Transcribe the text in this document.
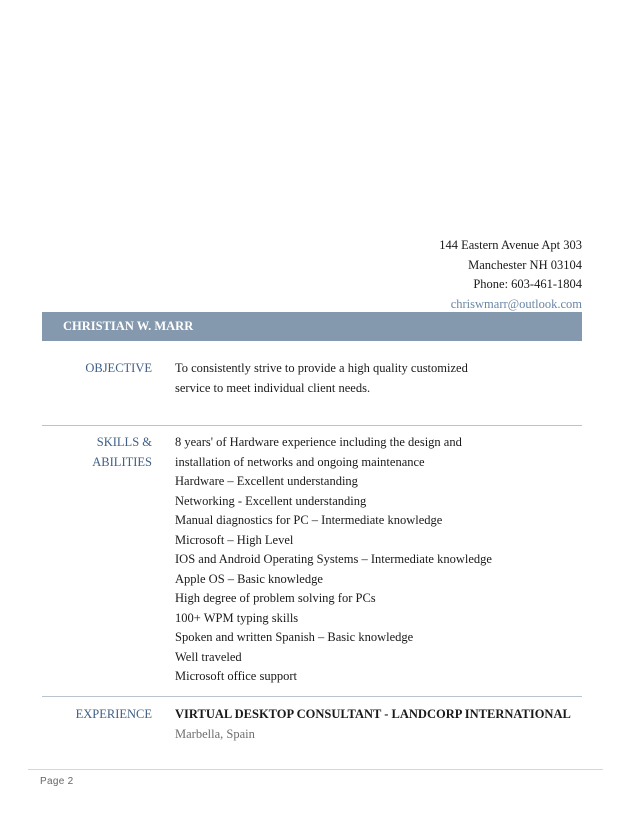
144 Eastern Avenue Apt 303
Manchester NH 03104
Phone: 603-461-1804
chriswmarr@outlook.com
CHRISTIAN W. MARR
OBJECTIVE To consistently strive to provide a high quality customized
service to meet individual client needs.
SKILLS &
ABILITIES
8 years' of Hardware experience including the design and
installation of networks and ongoing maintenance
Hardware – Excellent understanding
Networking - Excellent understanding
Manual diagnostics for PC – Intermediate knowledge
Microsoft – High Level
IOS and Android Operating Systems – Intermediate knowledge
Apple OS – Basic knowledge
High degree of problem solving for PCs
100+ WPM typing skills
Spoken and written Spanish – Basic knowledge
Well traveled
Microsoft office support
EXPERIENCE VIRTUAL DESKTOP CONSULTANT - LANDCORP INTERNATIONAL
Marbella, Spain
Page 2
